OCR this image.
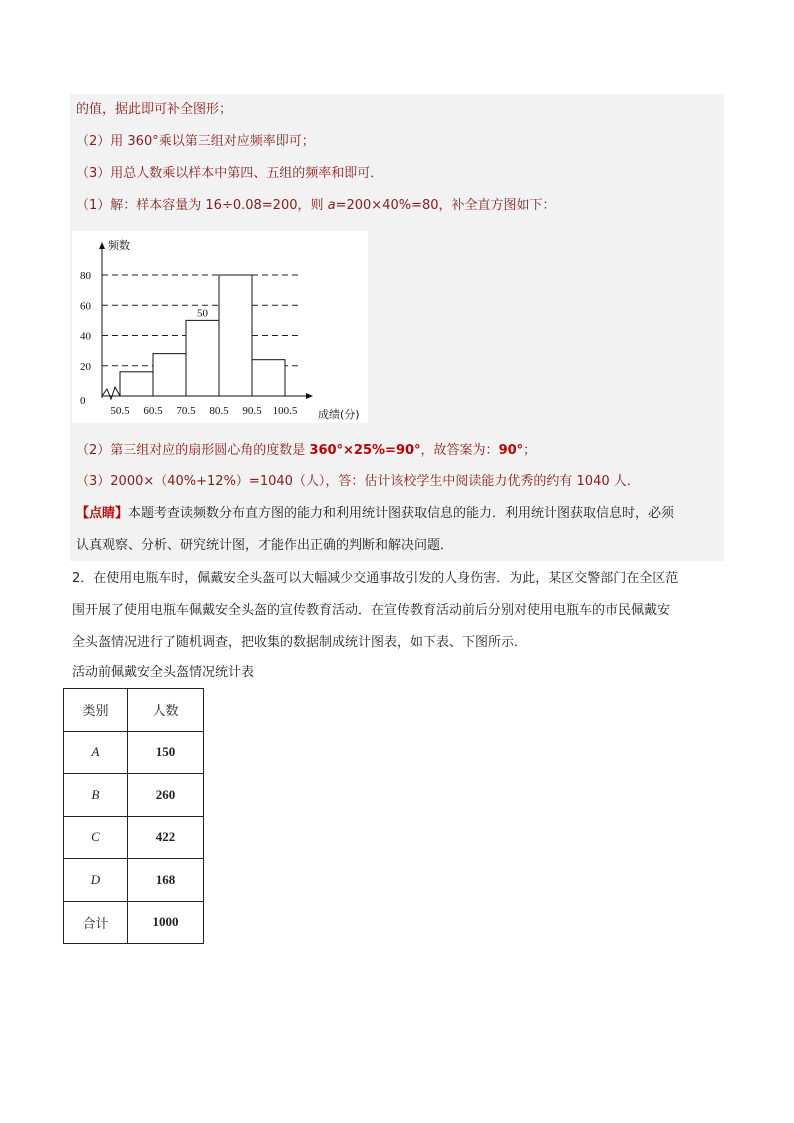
的值，据此即可补全图形；
（2）用 360°乘以第三组对应频率即可；
（3）用总人数乘以样本中第四、五组的频率和即可．
（1）解：样本容量为 16÷0.08=200，则 a=200×40%=80，补全直方图如下：
0
20
40
60
80
50
50.5 60.5 70.5 80.5 90.5 100.5
频数
成绩(分)
（2）第三组对应的扇形圆心角的度数是 360°×25%=90°，故答案为：90°；
（3）2000×（40%+12%）=1040（人），答：估计该校学生中阅读能力优秀的约有 1040 人．
【点睛】本题考查读频数分布直方图的能力和利用统计图获取信息的能力．利用统计图获取信息时，必须
认真观察、分析、研究统计图，才能作出正确的判断和解决问题．
2．在使用电瓶车时，佩戴安全头盔可以大幅减少交通事故引发的人身伤害．为此，某区交警部门在全区范
围开展了使用电瓶车佩戴安全头盔的宣传教育活动．在宣传教育活动前后分别对使用电瓶车的市民佩戴安
全头盔情况进行了随机调查，把收集的数据制成统计图表，如下表、下图所示．
活动前佩戴安全头盔情况统计表
类别	人数
A	150
B	260
C	422
D	168
合计	1000
